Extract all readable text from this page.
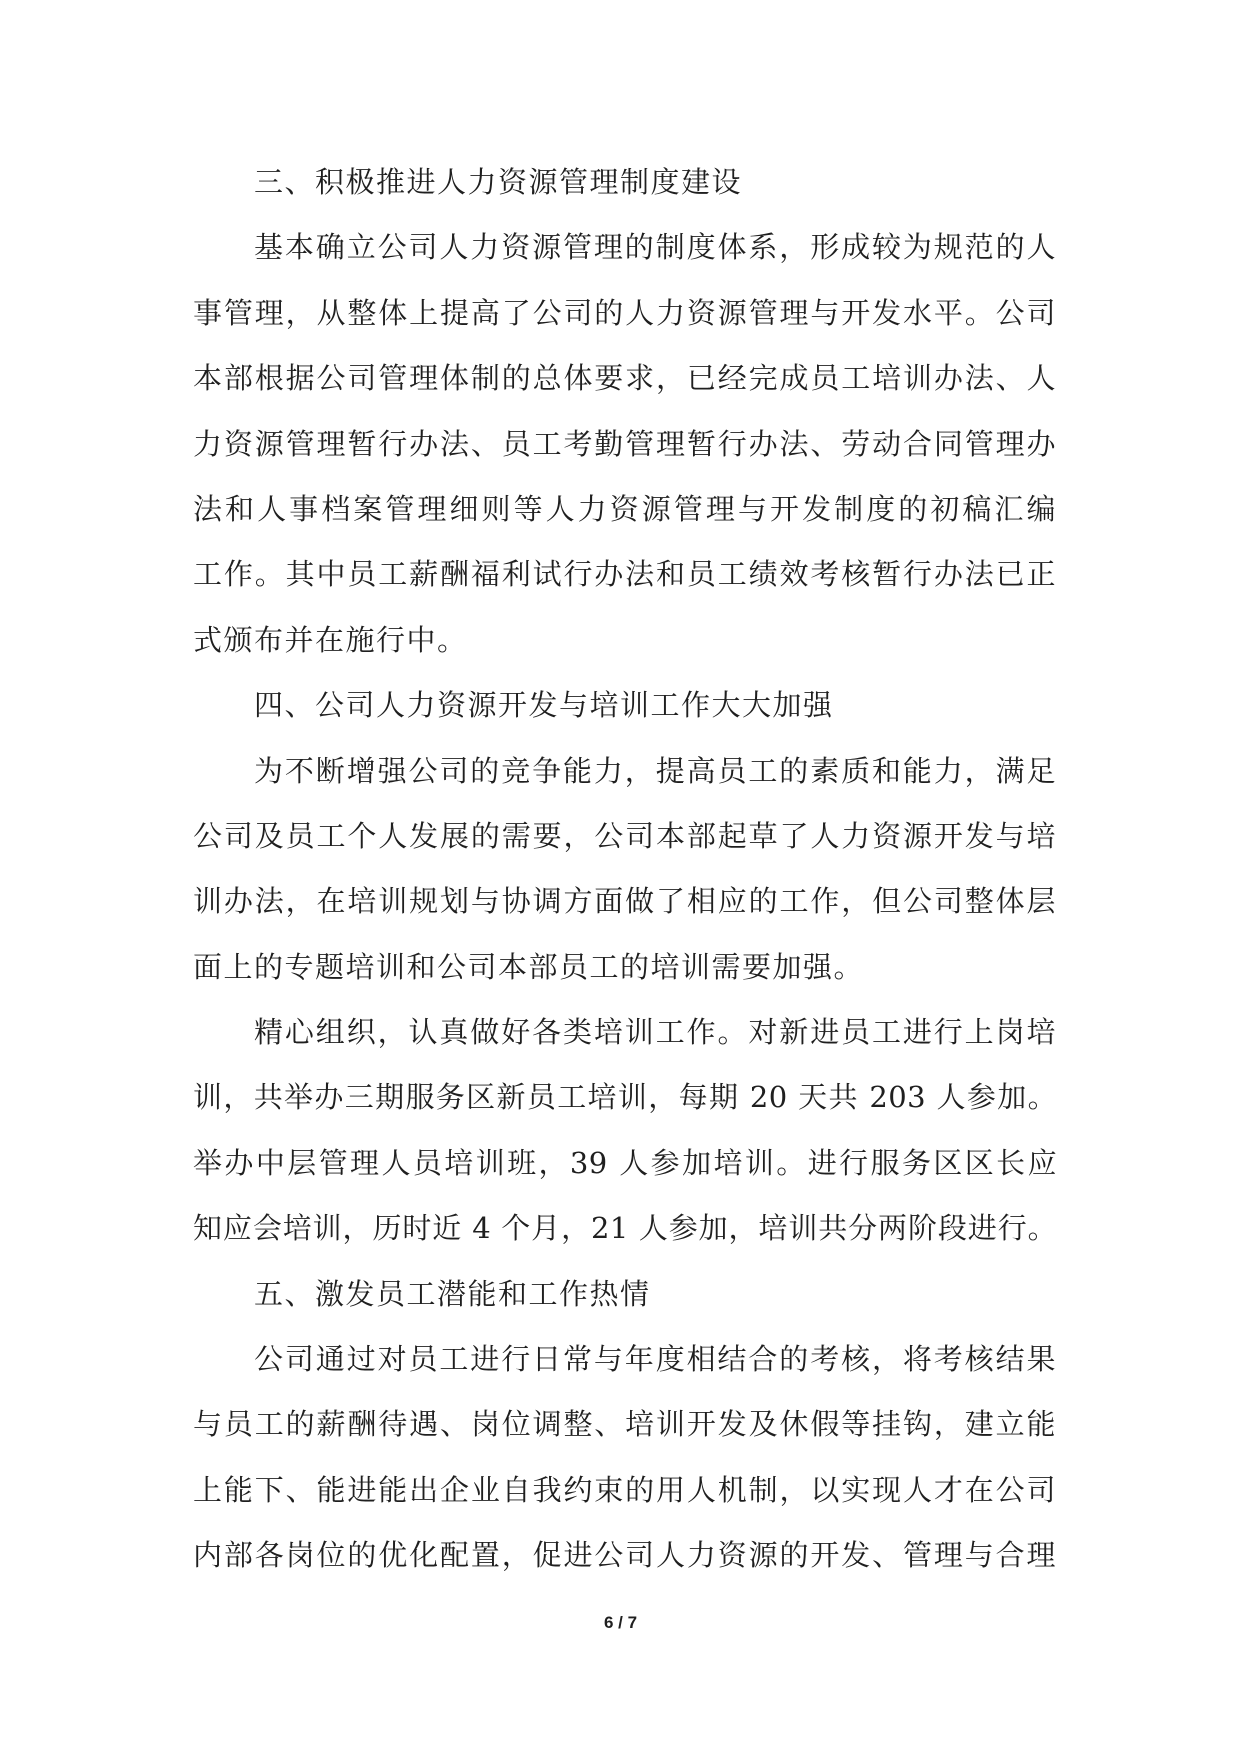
三、积极推进人力资源管理制度建设
基本确立公司人力资源管理的制度体系，形成较为规范的人
事管理，从整体上提高了公司的人力资源管理与开发水平。公司
本部根据公司管理体制的总体要求，已经完成员工培训办法、人
力资源管理暂行办法、员工考勤管理暂行办法、劳动合同管理办
法和人事档案管理细则等人力资源管理与开发制度的初稿汇编
工作。其中员工薪酬福利试行办法和员工绩效考核暂行办法已正
式颁布并在施行中。
四、公司人力资源开发与培训工作大大加强
为不断增强公司的竞争能力，提高员工的素质和能力，满足
公司及员工个人发展的需要，公司本部起草了人力资源开发与培
训办法，在培训规划与协调方面做了相应的工作，但公司整体层
面上的专题培训和公司本部员工的培训需要加强。
精心组织，认真做好各类培训工作。对新进员工进行上岗培
训，共举办三期服务区新员工培训，每期 20 天共 203 人参加。
举办中层管理人员培训班，39 人参加培训。进行服务区区长应
知应会培训，历时近 4 个月，21 人参加，培训共分两阶段进行。
五、激发员工潜能和工作热情
公司通过对员工进行日常与年度相结合的考核，将考核结果
与员工的薪酬待遇、岗位调整、培训开发及休假等挂钩，建立能
上能下、能进能出企业自我约束的用人机制，以实现人才在公司
内部各岗位的优化配置，促进公司人力资源的开发、管理与合理
6 / 7
